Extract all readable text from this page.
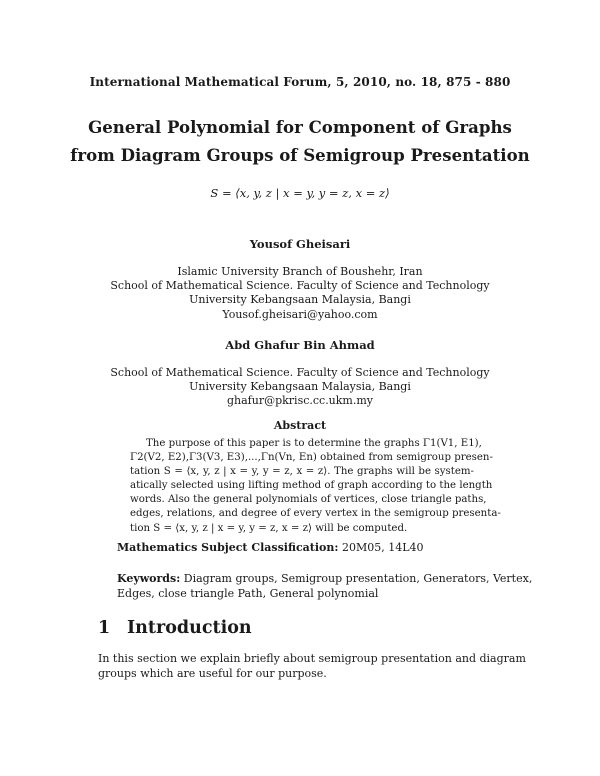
International Mathematical Forum, 5, 2010, no. 18, 875 - 880
General Polynomial for Component of Graphs
from Diagram Groups of Semigroup Presentation
S = ⟨x, y, z | x = y, y = z, x = z⟩
Yousof Gheisari
Islamic University Branch of Boushehr, Iran
School of Mathematical Science. Faculty of Science and Technology
University Kebangsaan Malaysia, Bangi
Yousof.gheisari@yahoo.com
Abd Ghafur Bin Ahmad
School of Mathematical Science. Faculty of Science and Technology
University Kebangsaan Malaysia, Bangi
ghafur@pkrisc.cc.ukm.my
Abstract
The purpose of this paper is to determine the graphs Γ1(V1, E1),
Γ2(V2, E2),Γ3(V3, E3),...,Γn(Vn, En) obtained from semigroup presen-
tation S = ⟨x, y, z | x = y, y = z, x = z⟩. The graphs will be system-
atically selected using lifting method of graph according to the length
words. Also the general polynomials of vertices, close triangle paths,
edges, relations, and degree of every vertex in the semigroup presenta-
tion S = ⟨x, y, z | x = y, y = z, x = z⟩ will be computed.
Mathematics Subject Classification: 20M05, 14L40
Keywords: Diagram groups, Semigroup presentation, Generators, Vertex,
Edges, close triangle Path, General polynomial
1 Introduction
In this section we explain briefly about semigroup presentation and diagram
groups which are useful for our purpose.
